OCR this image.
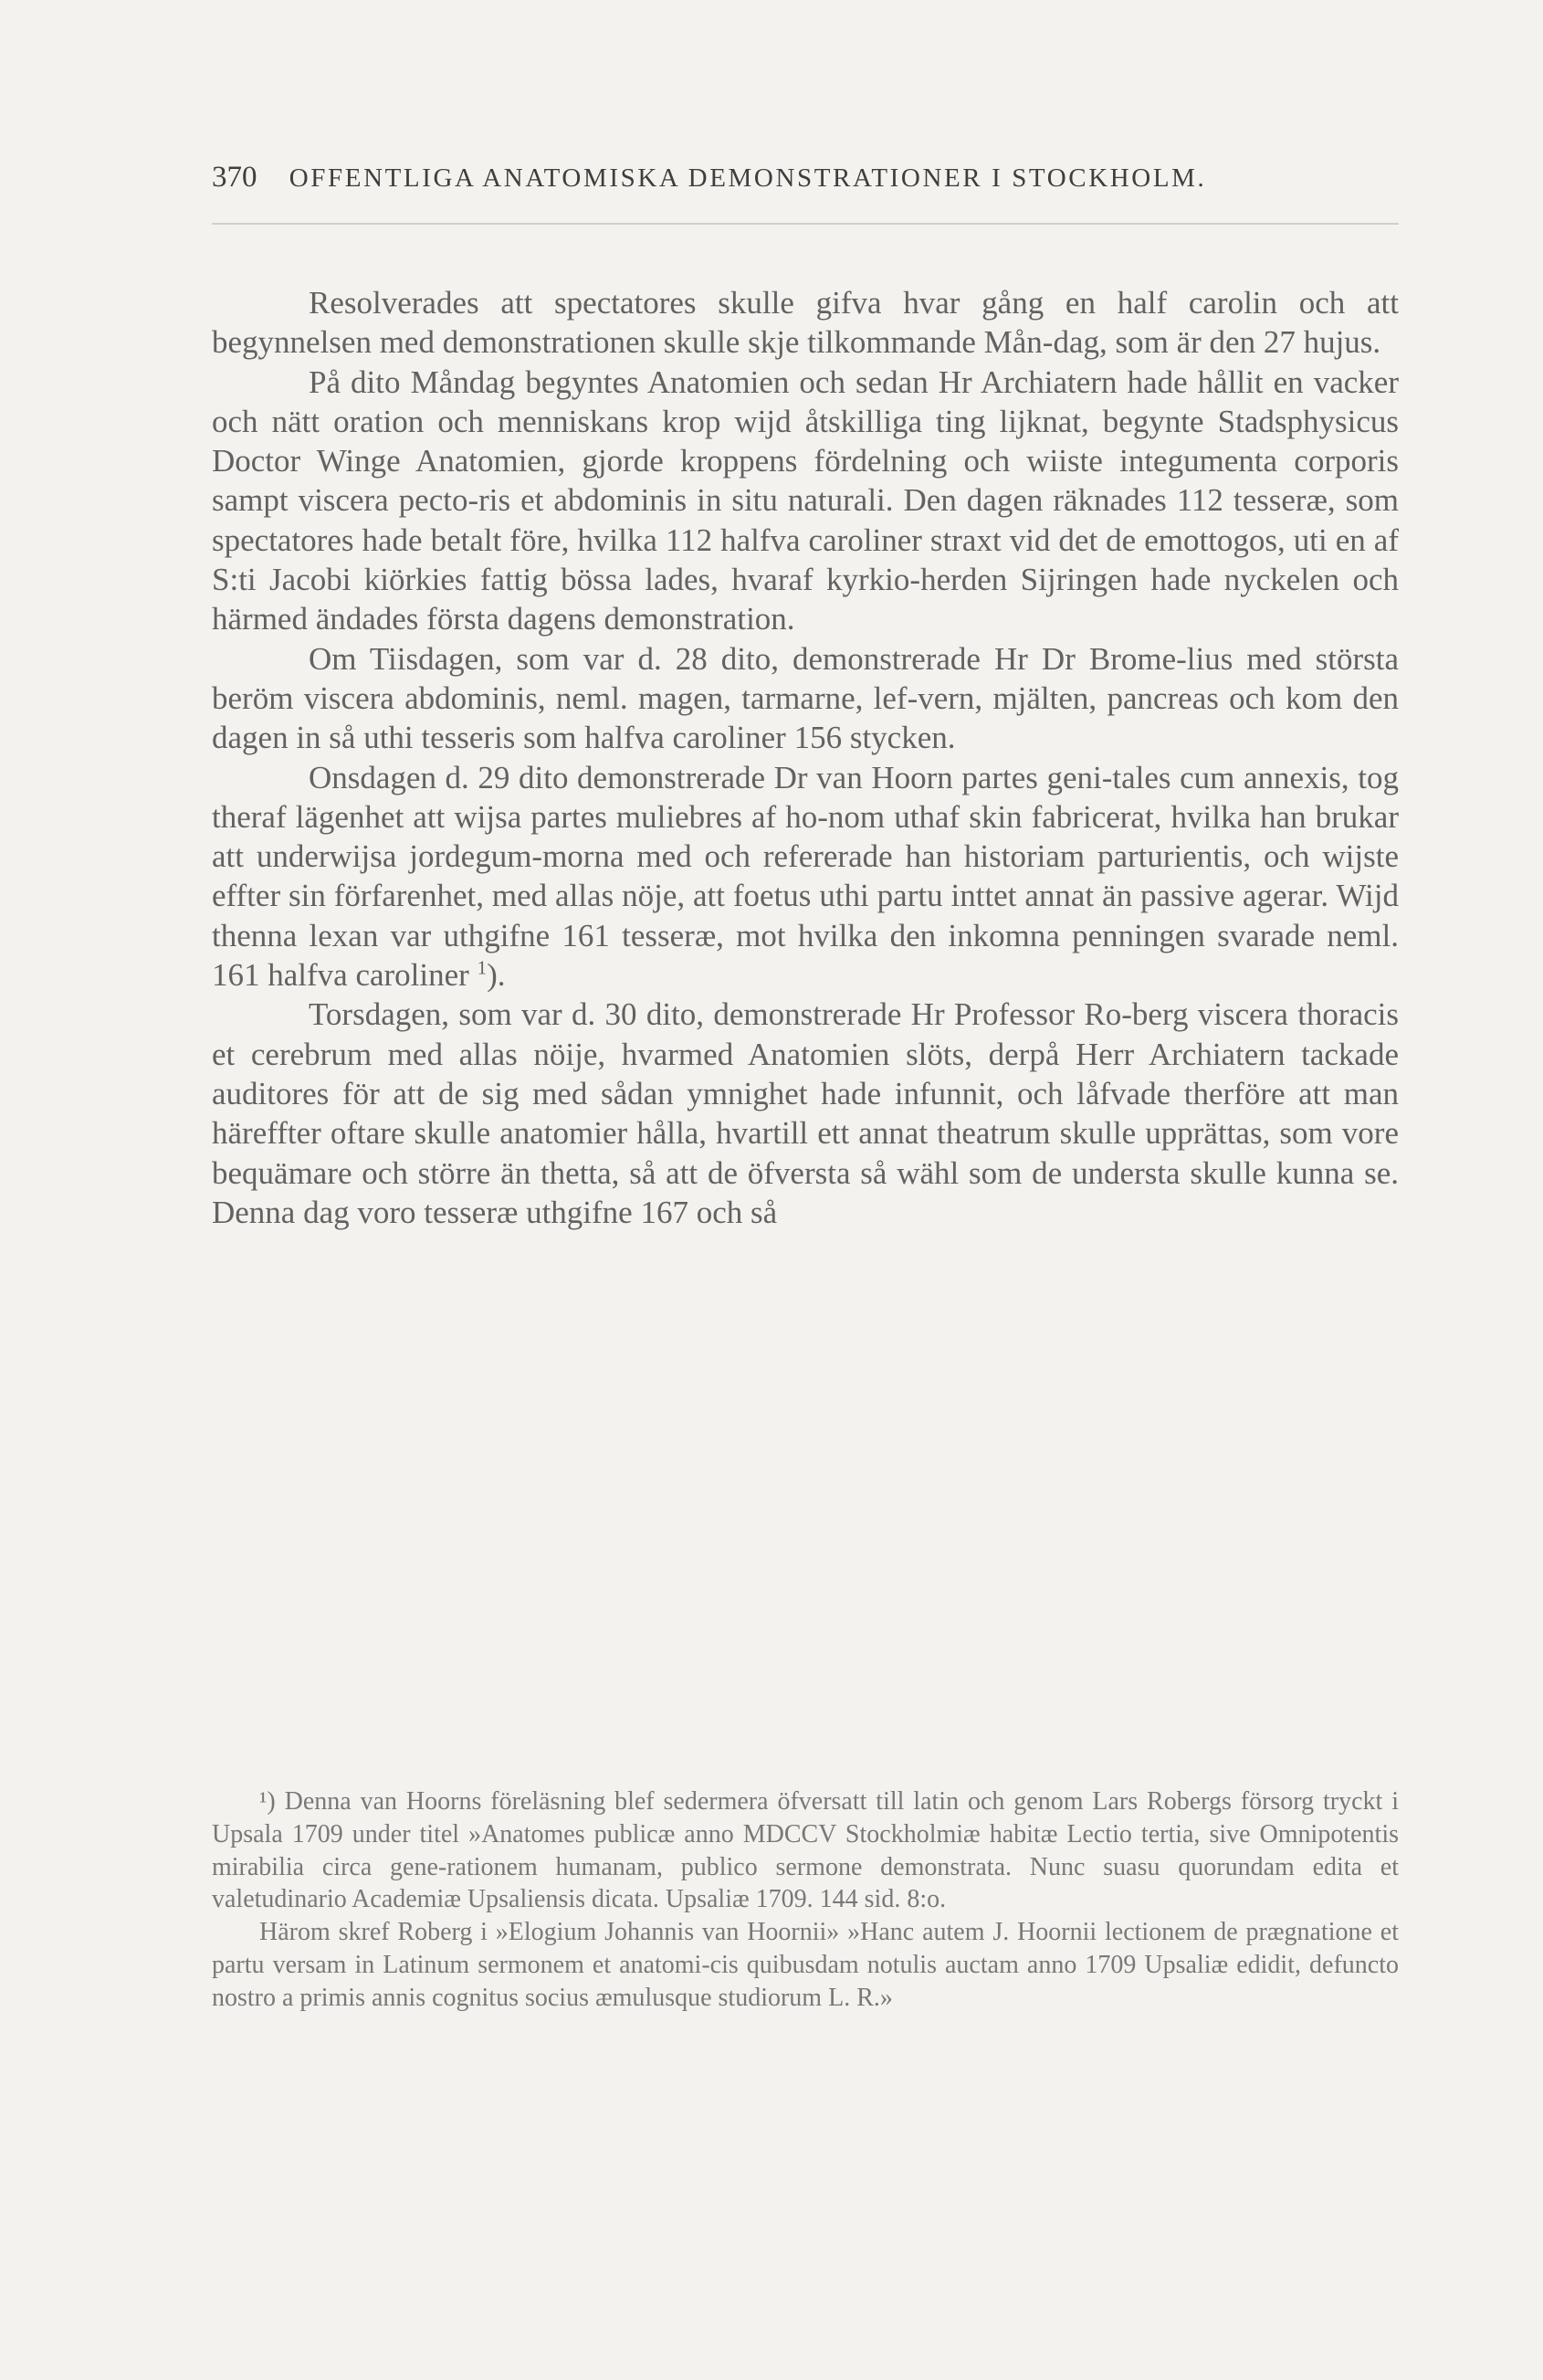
370 OFFENTLIGA ANATOMISKA DEMONSTRATIONER I STOCKHOLM.

Resolverades att spectatores skulle gifva hvar gång en half carolin och att begynnelsen med demonstrationen skulle skje tilkommande Mån-dag, som är den 27 hujus.

På dito Måndag begyntes Anatomien och sedan Hr Archiatern hade hållit en vacker och nätt oration och menniskans krop wijd åtskilliga ting lijknat, begynte Stadsphysicus Doctor Winge Anatomien, gjorde kroppens fördelning och wiiste integumenta corporis sampt viscera pecto-ris et abdominis in situ naturali. Den dagen räknades 112 tesseræ, som spectatores hade betalt före, hvilka 112 halfva caroliner straxt vid det de emottogos, uti en af S:ti Jacobi kiörkies fattig bössa lades, hvaraf kyrkio-herden Sijringen hade nyckelen och härmed ändades första dagens demonstration.

Om Tiisdagen, som var d. 28 dito, demonstrerade Hr Dr Brome-lius med största beröm viscera abdominis, neml. magen, tarmarne, lef-vern, mjälten, pancreas och kom den dagen in så uthi tesseris som halfva caroliner 156 stycken.

Onsdagen d. 29 dito demonstrerade Dr van Hoorn partes geni-tales cum annexis, tog theraf lägenhet att wijsa partes muliebres af ho-nom uthaf skin fabricerat, hvilka han brukar att underwijsa jordegum-morna med och refererade han historiam parturientis, och wijste effter sin förfarenhet, med allas nöje, att foetus uthi partu inttet annat än passive agerar. Wijd thenna lexan var uthgifne 161 tesseræ, mot hvilka den inkomna penningen svarade neml. 161 halfva caroliner $^1$).

Torsdagen, som var d. 30 dito, demonstrerade Hr Professor Ro-berg viscera thoracis et cerebrum med allas nöije, hvarmed Anatomien slöts, derpå Herr Archiatern tackade auditores för att de sig med sådan ymnighet hade infunnit, och låfvade therföre att man häreffter oftare skulle anatomier hålla, hvartill ett annat theatrum skulle upprättas, som vore bequämare och större än thetta, så att de öfversta så wähl som de understa skulle kunna se. Denna dag voro tesseræ uthgifne 167 och så

¹) Denna van Hoorns föreläsning blef sedermera öfversatt till latin och genom Lars Robergs försorg tryckt i Upsala 1709 under titel »Anatomes publicæ anno MDCCV Stockholmiæ habitæ Lectio tertia, sive Omnipotentis mirabilia circa gene-rationem humanam, publico sermone demonstrata. Nunc suasu quorundam edita et valetudinario Academiæ Upsaliensis dicata. Upsaliæ 1709. 144 sid. 8:o.

Härom skref Roberg i »Elogium Johannis van Hoornii» »Hanc autem J. Hoornii lectionem de prægnatione et partu versam in Latinum sermonem et anatomi-cis quibusdam notulis auctam anno 1709 Upsaliæ edidit, defuncto nostro a primis annis cognitus socius æmulusque studiorum L. R.»
